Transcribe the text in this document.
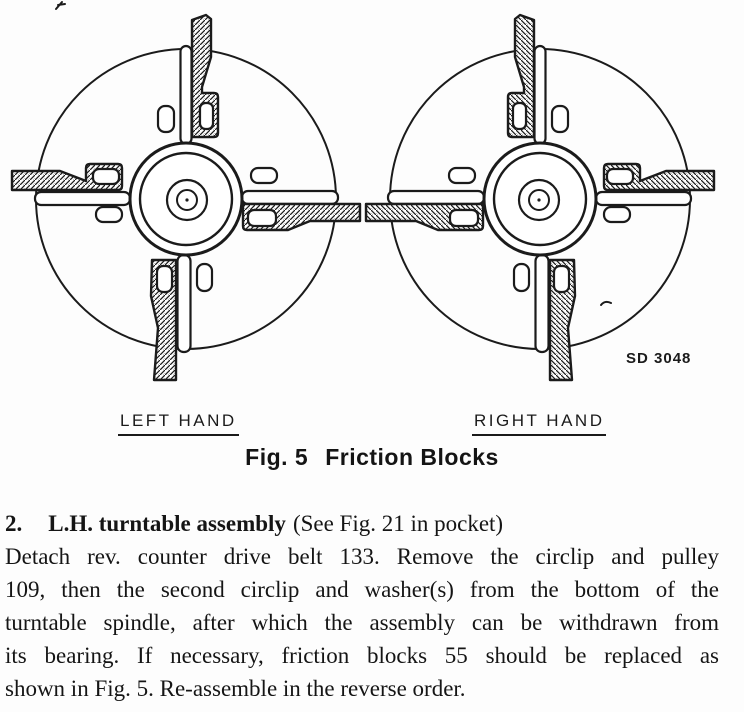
SD 3048
LEFT HAND	RIGHT HAND
Fig. 5 Friction Blocks
2. L.H. turntable assembly (See Fig. 21 in pocket)
Detach rev. counter drive belt 133. Remove the circlip and pulley
109, then the second circlip and washer(s) from the bottom of the
turntable spindle, after which the assembly can be withdrawn from
its bearing. If necessary, friction blocks 55 should be replaced as
shown in Fig. 5. Re-assemble in the reverse order.
